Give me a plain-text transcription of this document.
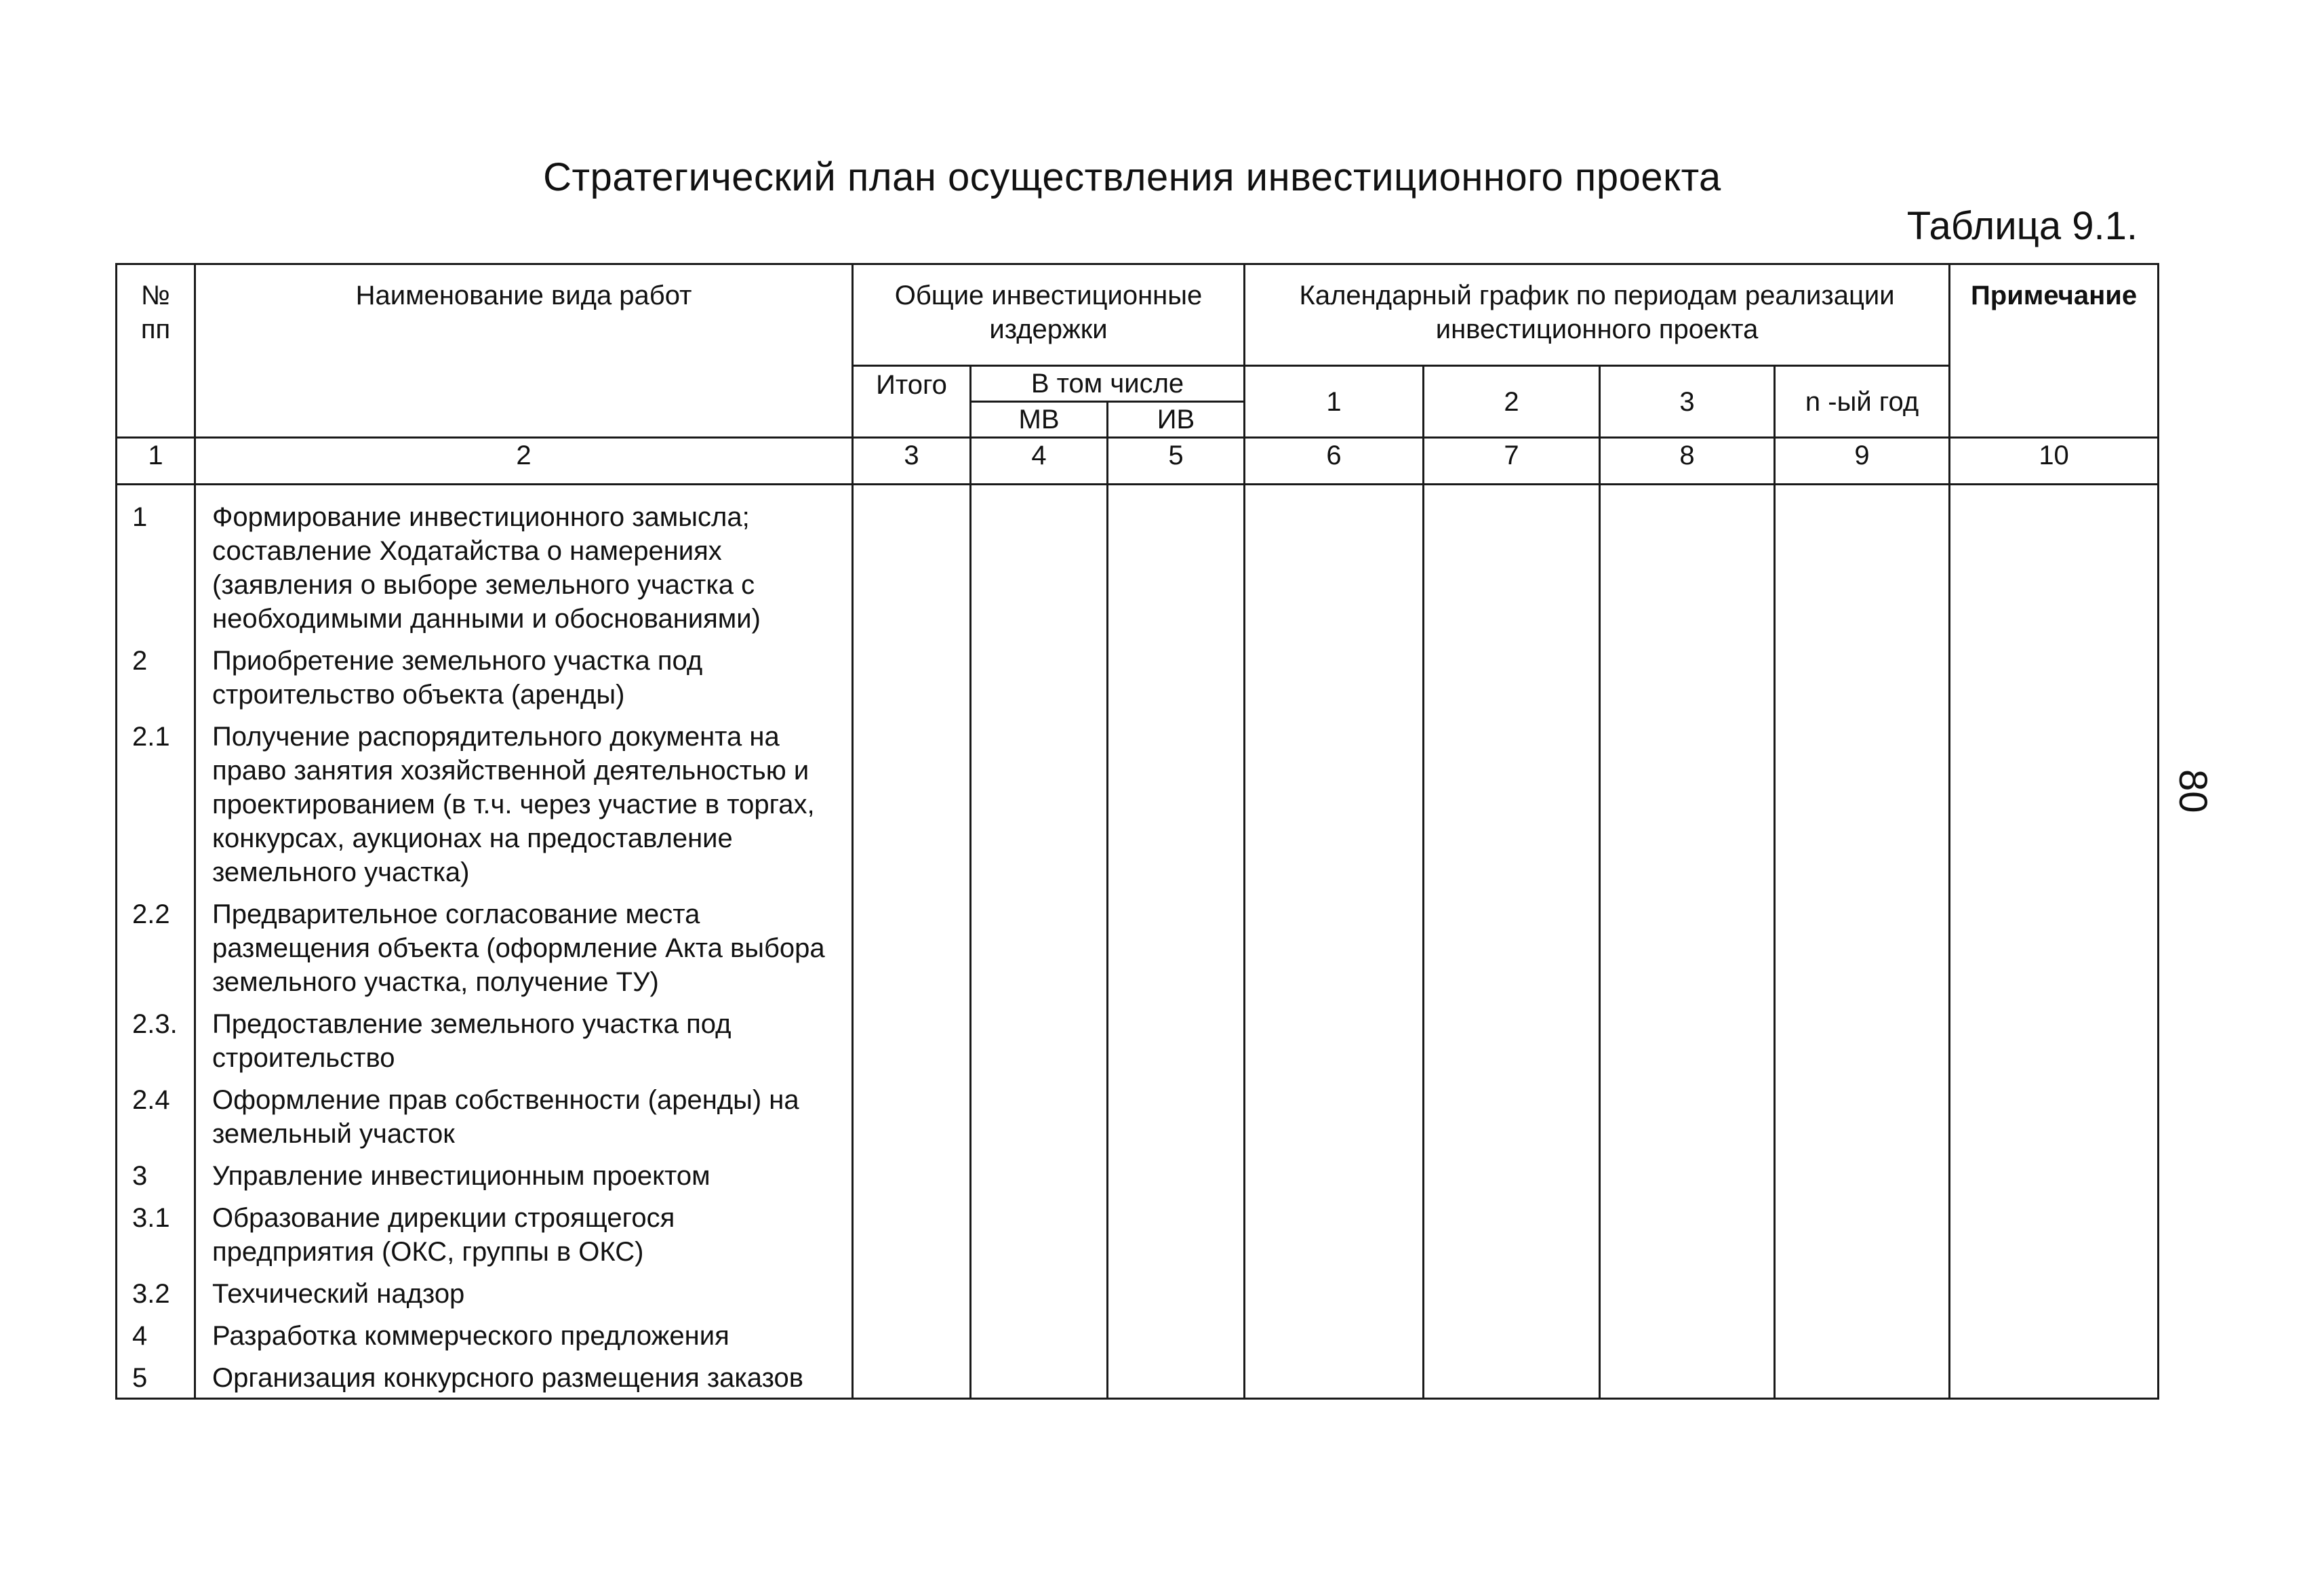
Стратегический план осуществления инвестиционного проекта
Таблица 9.1.
80
№ пп	Наименование вида работ	Общие инвестиционные издержки			Календарный график по периодам реализации инвестиционного проекта				Примечание
		Итого	В том числе		1	2	3	n -ый год	
			МВ	ИВ					
1	2	3	4	5	6	7	8	9	10
1	Формирование инвестиционного замысла; составление Ходатайства о намерениях (заявления о выборе земельного участка с необходимыми данными и обоснованиями)								
2	Приобретение земельного участка под строительство объекта (аренды)								
2.1	Получение распорядительного документа на право занятия хозяйственной деятельностью и проектированием (в т.ч. через участие в торгах, конкурсах, аукционах на предоставление земельного участка)								
2.2	Предварительное согласование места размещения объекта (оформление Акта выбора земельного участка, получение ТУ)								
2.3.	Предоставление земельного участка под строительство								
2.4	Оформление прав собственности (аренды) на земельный участок								
3	Управление инвестиционным проектом								
3.1	Образование дирекции строящегося предприятия (ОКС, группы в ОКС)								
3.2	Техчический надзор								
4	Разработка коммерческого предложения								
5	Организация конкурсного размещения заказов								
